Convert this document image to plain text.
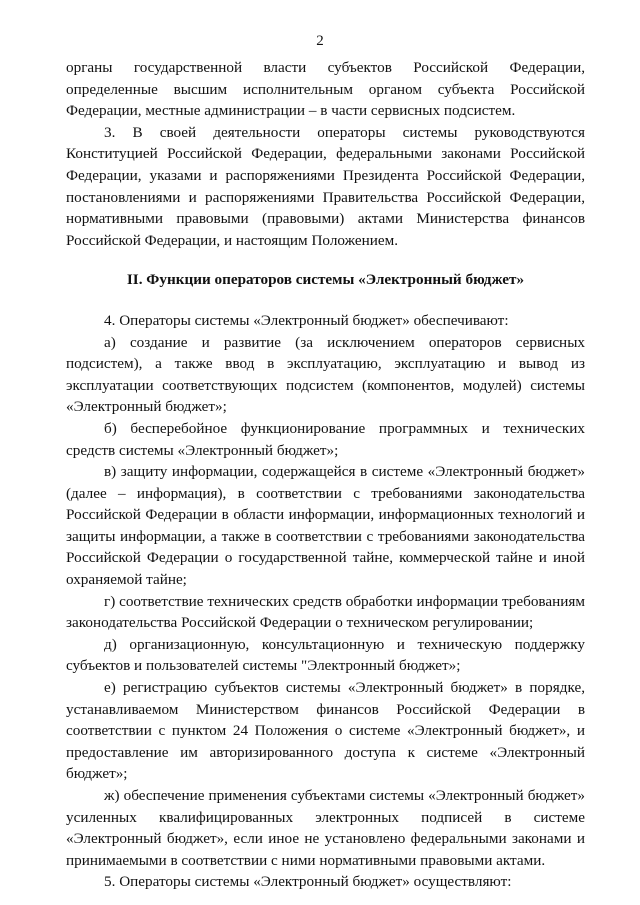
2

органы государственной власти субъектов Российской Федерации, определенные высшим исполнительным органом субъекта Российской Федерации, местные администрации – в части сервисных подсистем.

3. В своей деятельности операторы системы руководствуются Конституцией Российской Федерации, федеральными законами Российской Федерации, указами и распоряжениями Президента Российской Федерации, постановлениями и распоряжениями Правительства Российской Федерации, нормативными правовыми (правовыми) актами Министерства финансов Российской Федерации, и настоящим Положением.

II. Функции операторов системы «Электронный бюджет»

4. Операторы системы «Электронный бюджет» обеспечивают:

а) создание и развитие (за исключением операторов сервисных подсистем), а также ввод в эксплуатацию, эксплуатацию и вывод из эксплуатации соответствующих подсистем (компонентов, модулей) системы «Электронный бюджет»;

б) бесперебойное функционирование программных и технических средств системы «Электронный бюджет»;

в) защиту информации, содержащейся в системе «Электронный бюджет» (далее – информация), в соответствии с требованиями законодательства Российской Федерации в области информации, информационных технологий и защиты информации, а также в соответствии с требованиями законодательства Российской Федерации о государственной тайне, коммерческой тайне и иной охраняемой тайне;

г) соответствие технических средств обработки информации требованиям законодательства Российской Федерации о техническом регулировании;

д) организационную, консультационную и техническую поддержку субъектов и пользователей системы "Электронный бюджет»;

е) регистрацию субъектов системы «Электронный бюджет» в порядке, устанавливаемом Министерством финансов Российской Федерации в соответствии с пунктом 24 Положения о системе «Электронный бюджет», и предоставление им авторизированного доступа к системе «Электронный бюджет»;

ж) обеспечение применения субъектами системы «Электронный бюджет» усиленных квалифицированных электронных подписей в системе «Электронный бюджет», если иное не установлено федеральными законами и принимаемыми в соответствии с ними нормативными правовыми актами.

5. Операторы системы «Электронный бюджет» осуществляют:
